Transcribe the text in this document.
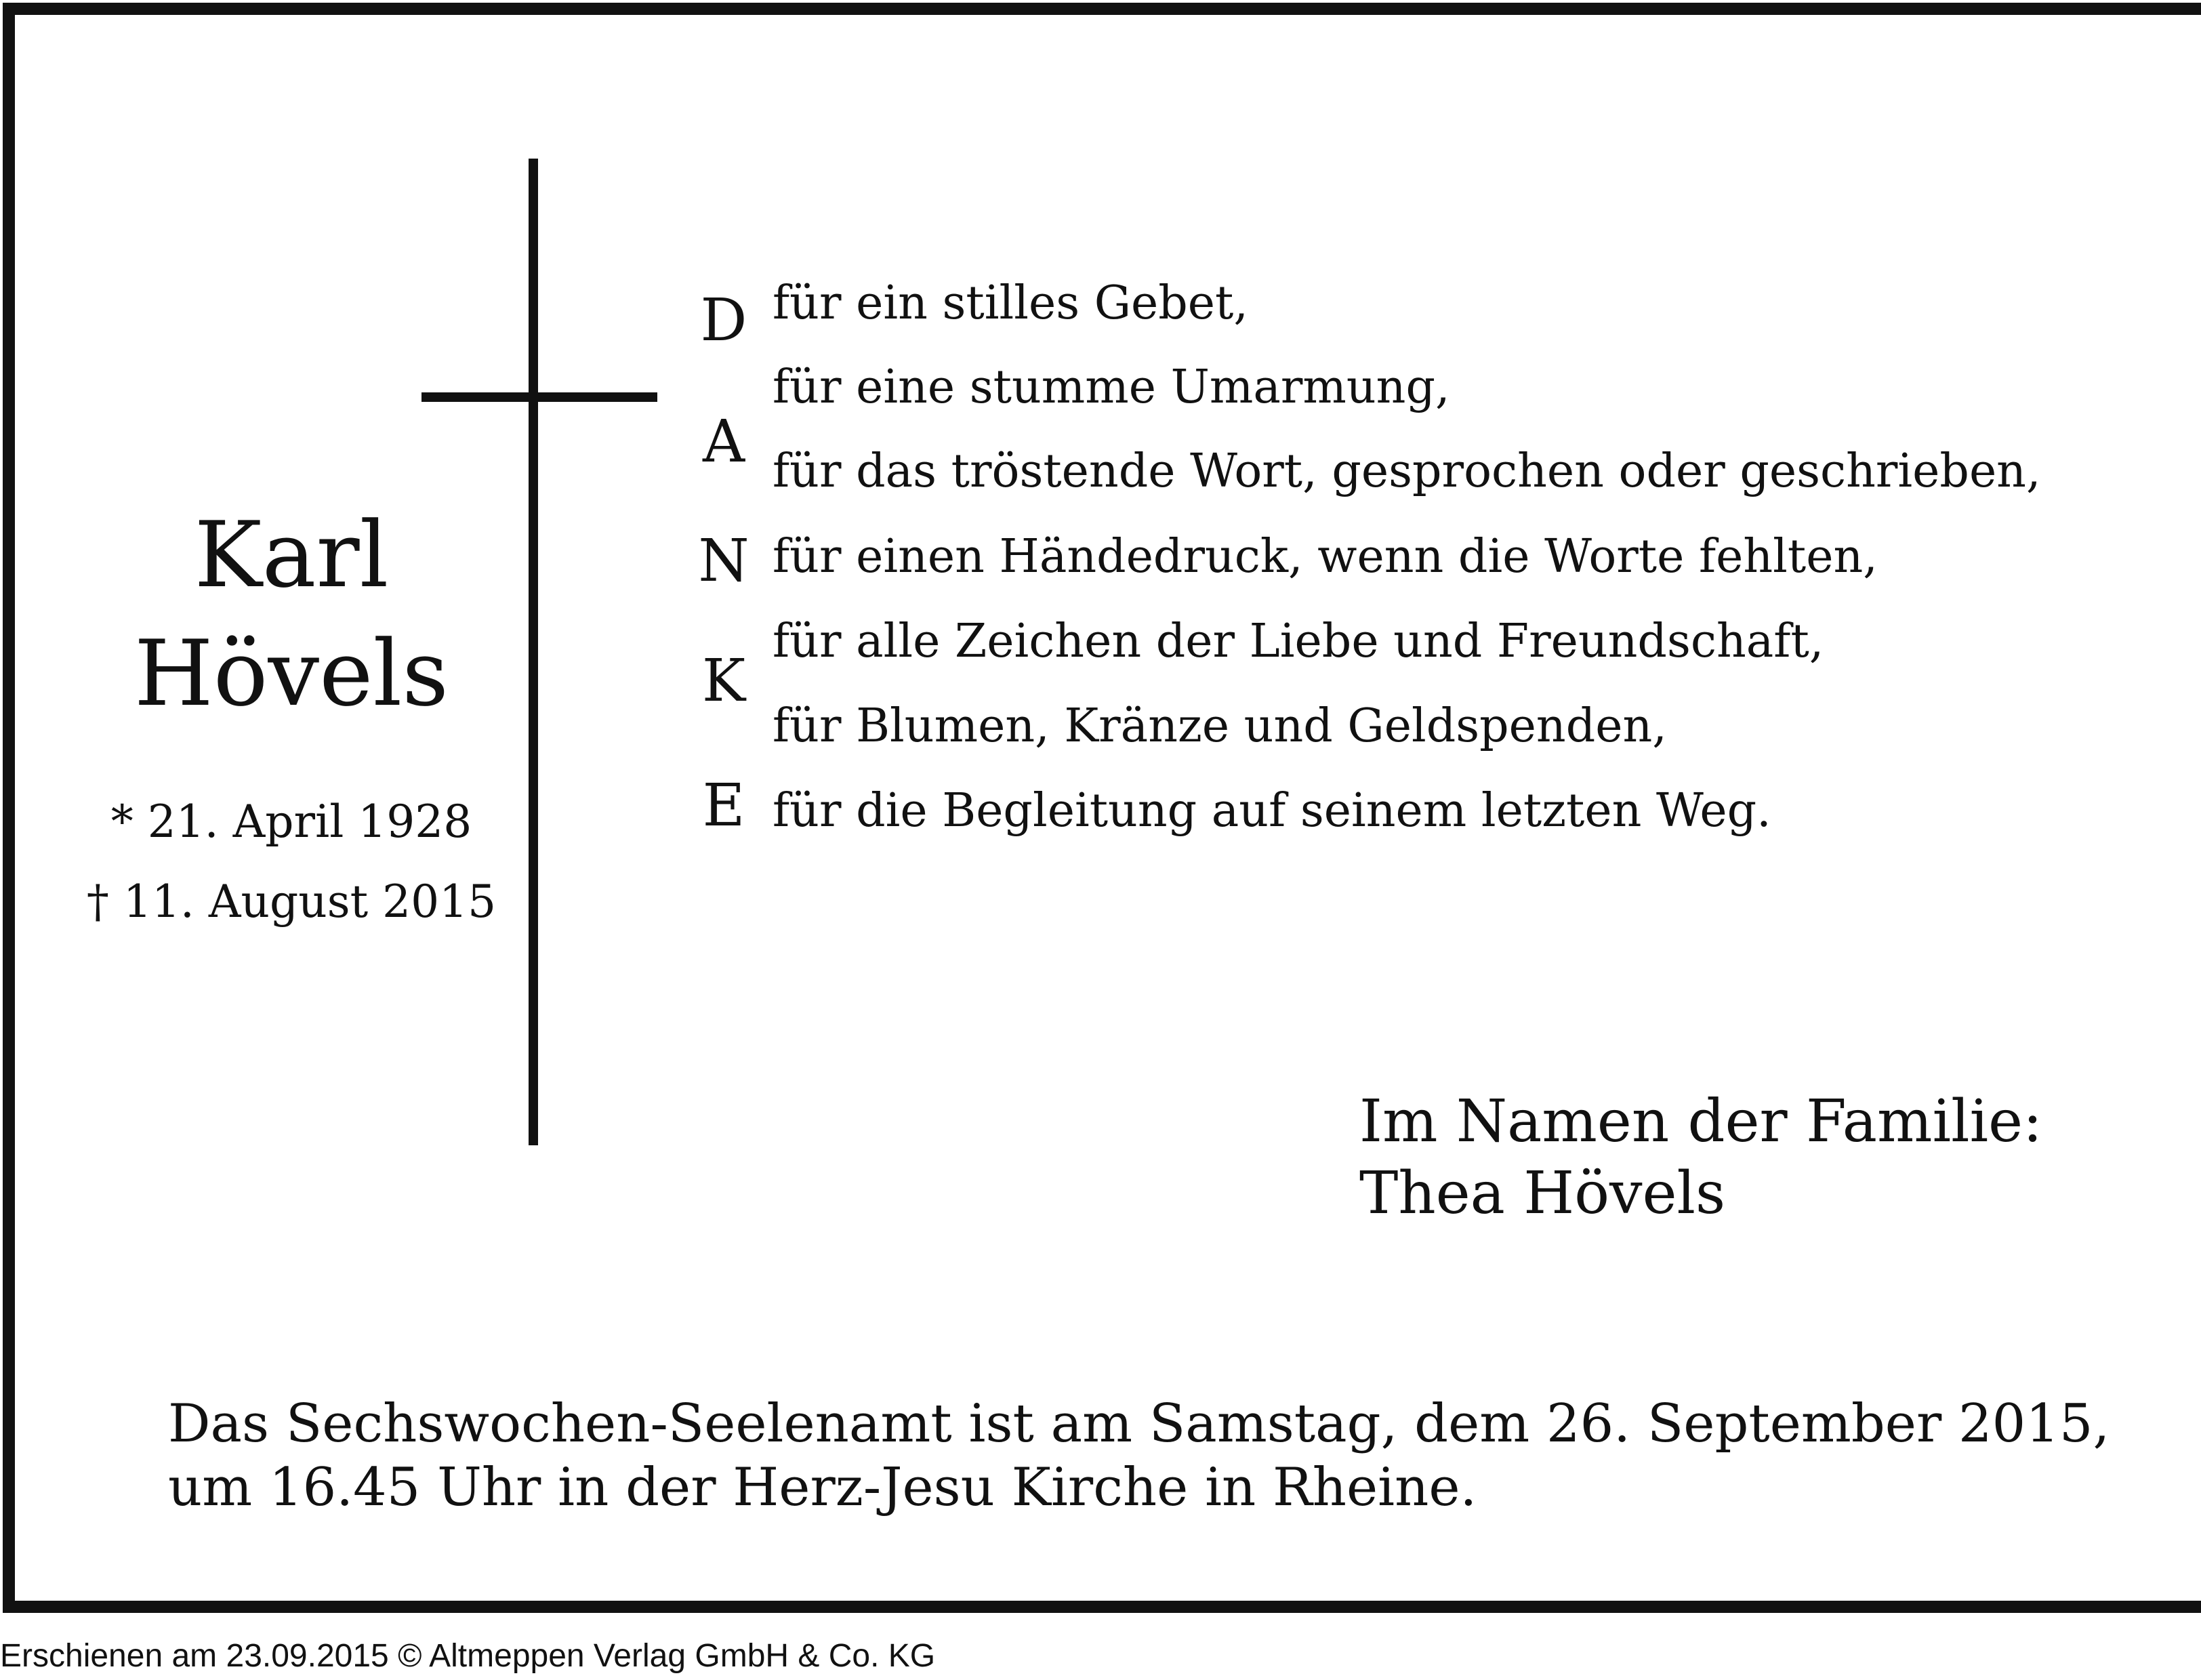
Karl
Hövels
* 21. April 1928
† 11. August 2015
D
A
N
K
E
für ein stilles Gebet,
für eine stumme Umarmung,
für das tröstende Wort, gesprochen oder geschrieben,
für einen Händedruck, wenn die Worte fehlten,
für alle Zeichen der Liebe und Freundschaft,
für Blumen, Kränze und Geldspenden,
für die Begleitung auf seinem letzten Weg.
Im Namen der Familie:
Thea Hövels
Das Sechswochen-Seelenamt ist am Samstag, dem 26. September 2015,
um 16.45 Uhr in der Herz-Jesu Kirche in Rheine.
Erschienen am 23.09.2015 © Altmeppen Verlag GmbH & Co. KG
